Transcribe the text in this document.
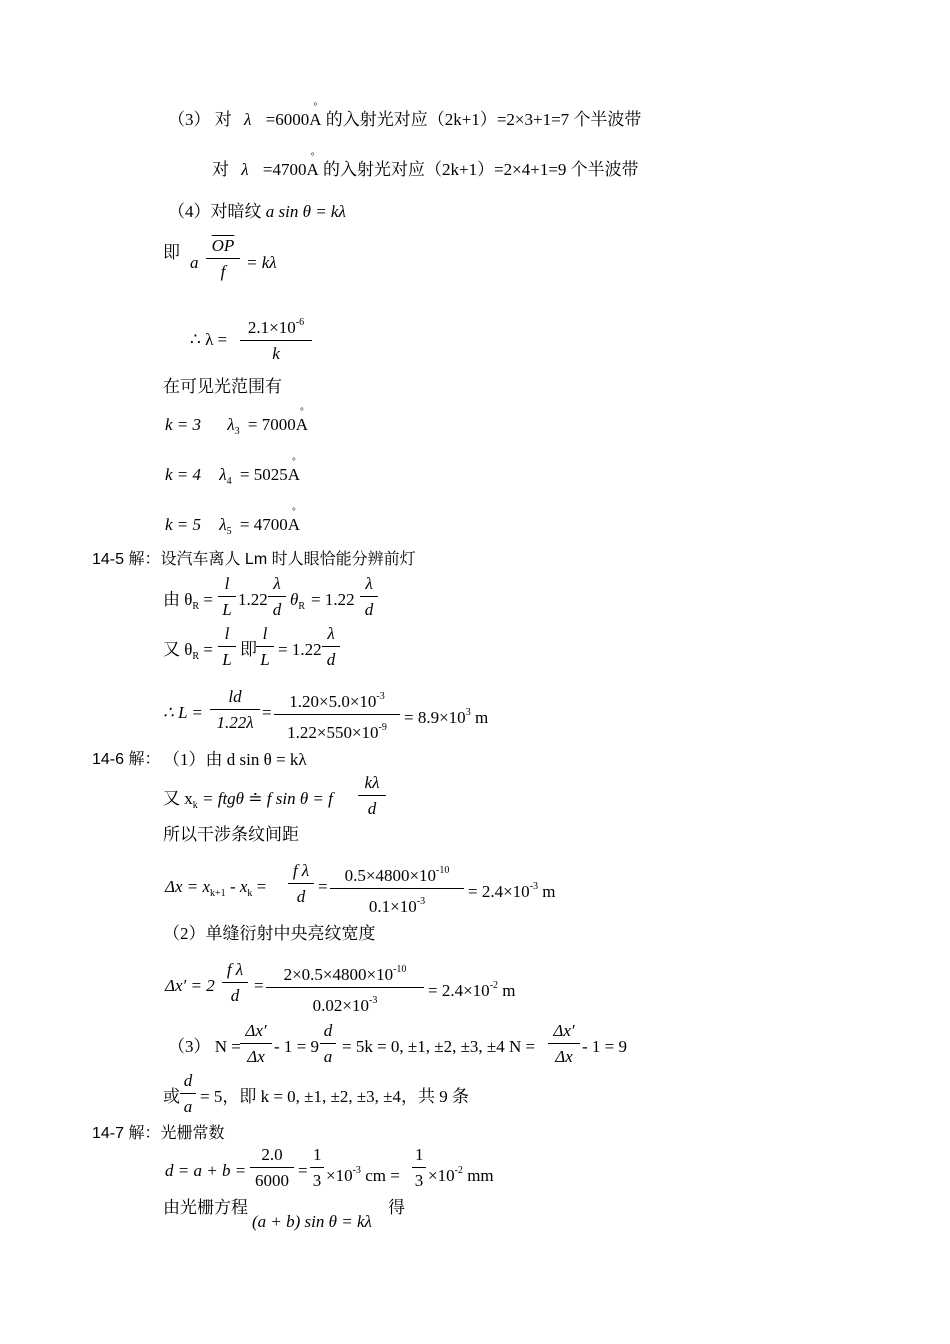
（3） 对 λ =6000° A 的入射光对应（2k+1）=2×3+1=7 个半波带
对 λ =4700° A 的入射光对应（2k+1）=2×4+1=9 个半波带
（4）对暗纹 a sin θ = kλ
即
a $\frac{\overline{OP}}{f} = k\lambda$
∴ $\lambda = \frac{2.1\times 10^{-6}}{k}$
在可见光范围有
k = 3 $\lambda_3 = 7000^\circ$ A
k = 4 $\lambda_4 = 5025^\circ$ A
k = 5 $\lambda_5 = 4700^\circ$ A
14-5 解：设汽车离人 Lm 时人眼恰能分辨前灯
由 $\theta_R = \frac{l}{L} 1.22 \frac{\lambda}{d} \theta_R = 1.22 \frac{\lambda}{d}$
又 $\theta_R = \frac{l}{L}$ 即 $\frac{l}{L} = 1.22 \frac{\lambda}{d}$
∴ $L = \frac{ld}{1.22\lambda} = \frac{1.20\times 5.0\times 10^{-3}}{1.22\times 550\times 10^{-9}} = 8.9\times 10^3$ m
14-6 解： （1）由 d sin θ = kλ
又 $x_k = ftg\theta$ ≐ f sin θ = f $\frac{k\lambda}{d}$
所以干涉条纹间距
$\Delta x = x_{k+1} - x_k = \frac{\text{f λ}}{d} = \frac{0.5\times 4800\times 10^{-10}}{0.1\times 10^{-3}} = 2.4\times 10^{-3}$ m
（2）单缝衍射中央亮纹宽度
$\Delta x' = 2 \frac{\text{f λ}}{d} = \frac{2\times 0.5\times 4800\times 10^{-10}}{0.02\times 10^{-3}} = 2.4\times 10^{-2}$ m
（3） $N = \frac{\Delta x'}{\Delta x} - 1 = 9 \frac{d}{a} = 5k = 0$, ±1, ±2, ±3, ±4 $N = \frac{\Delta x'}{\Delta x} - 1 = 9$
或 $\frac{d}{a} = 5$，即 k = 0, ±1, ±2, ±3, ±4，共 9 条
14-7 解：光栅常数
$d = a + b = \frac{2.0}{6000} = \frac{1}{3} \times 10^{-3}$ cm = $\frac{1}{3} \times 10^{-2}$ mm
由光栅方程
(a + b) sin θ = kλ
得
